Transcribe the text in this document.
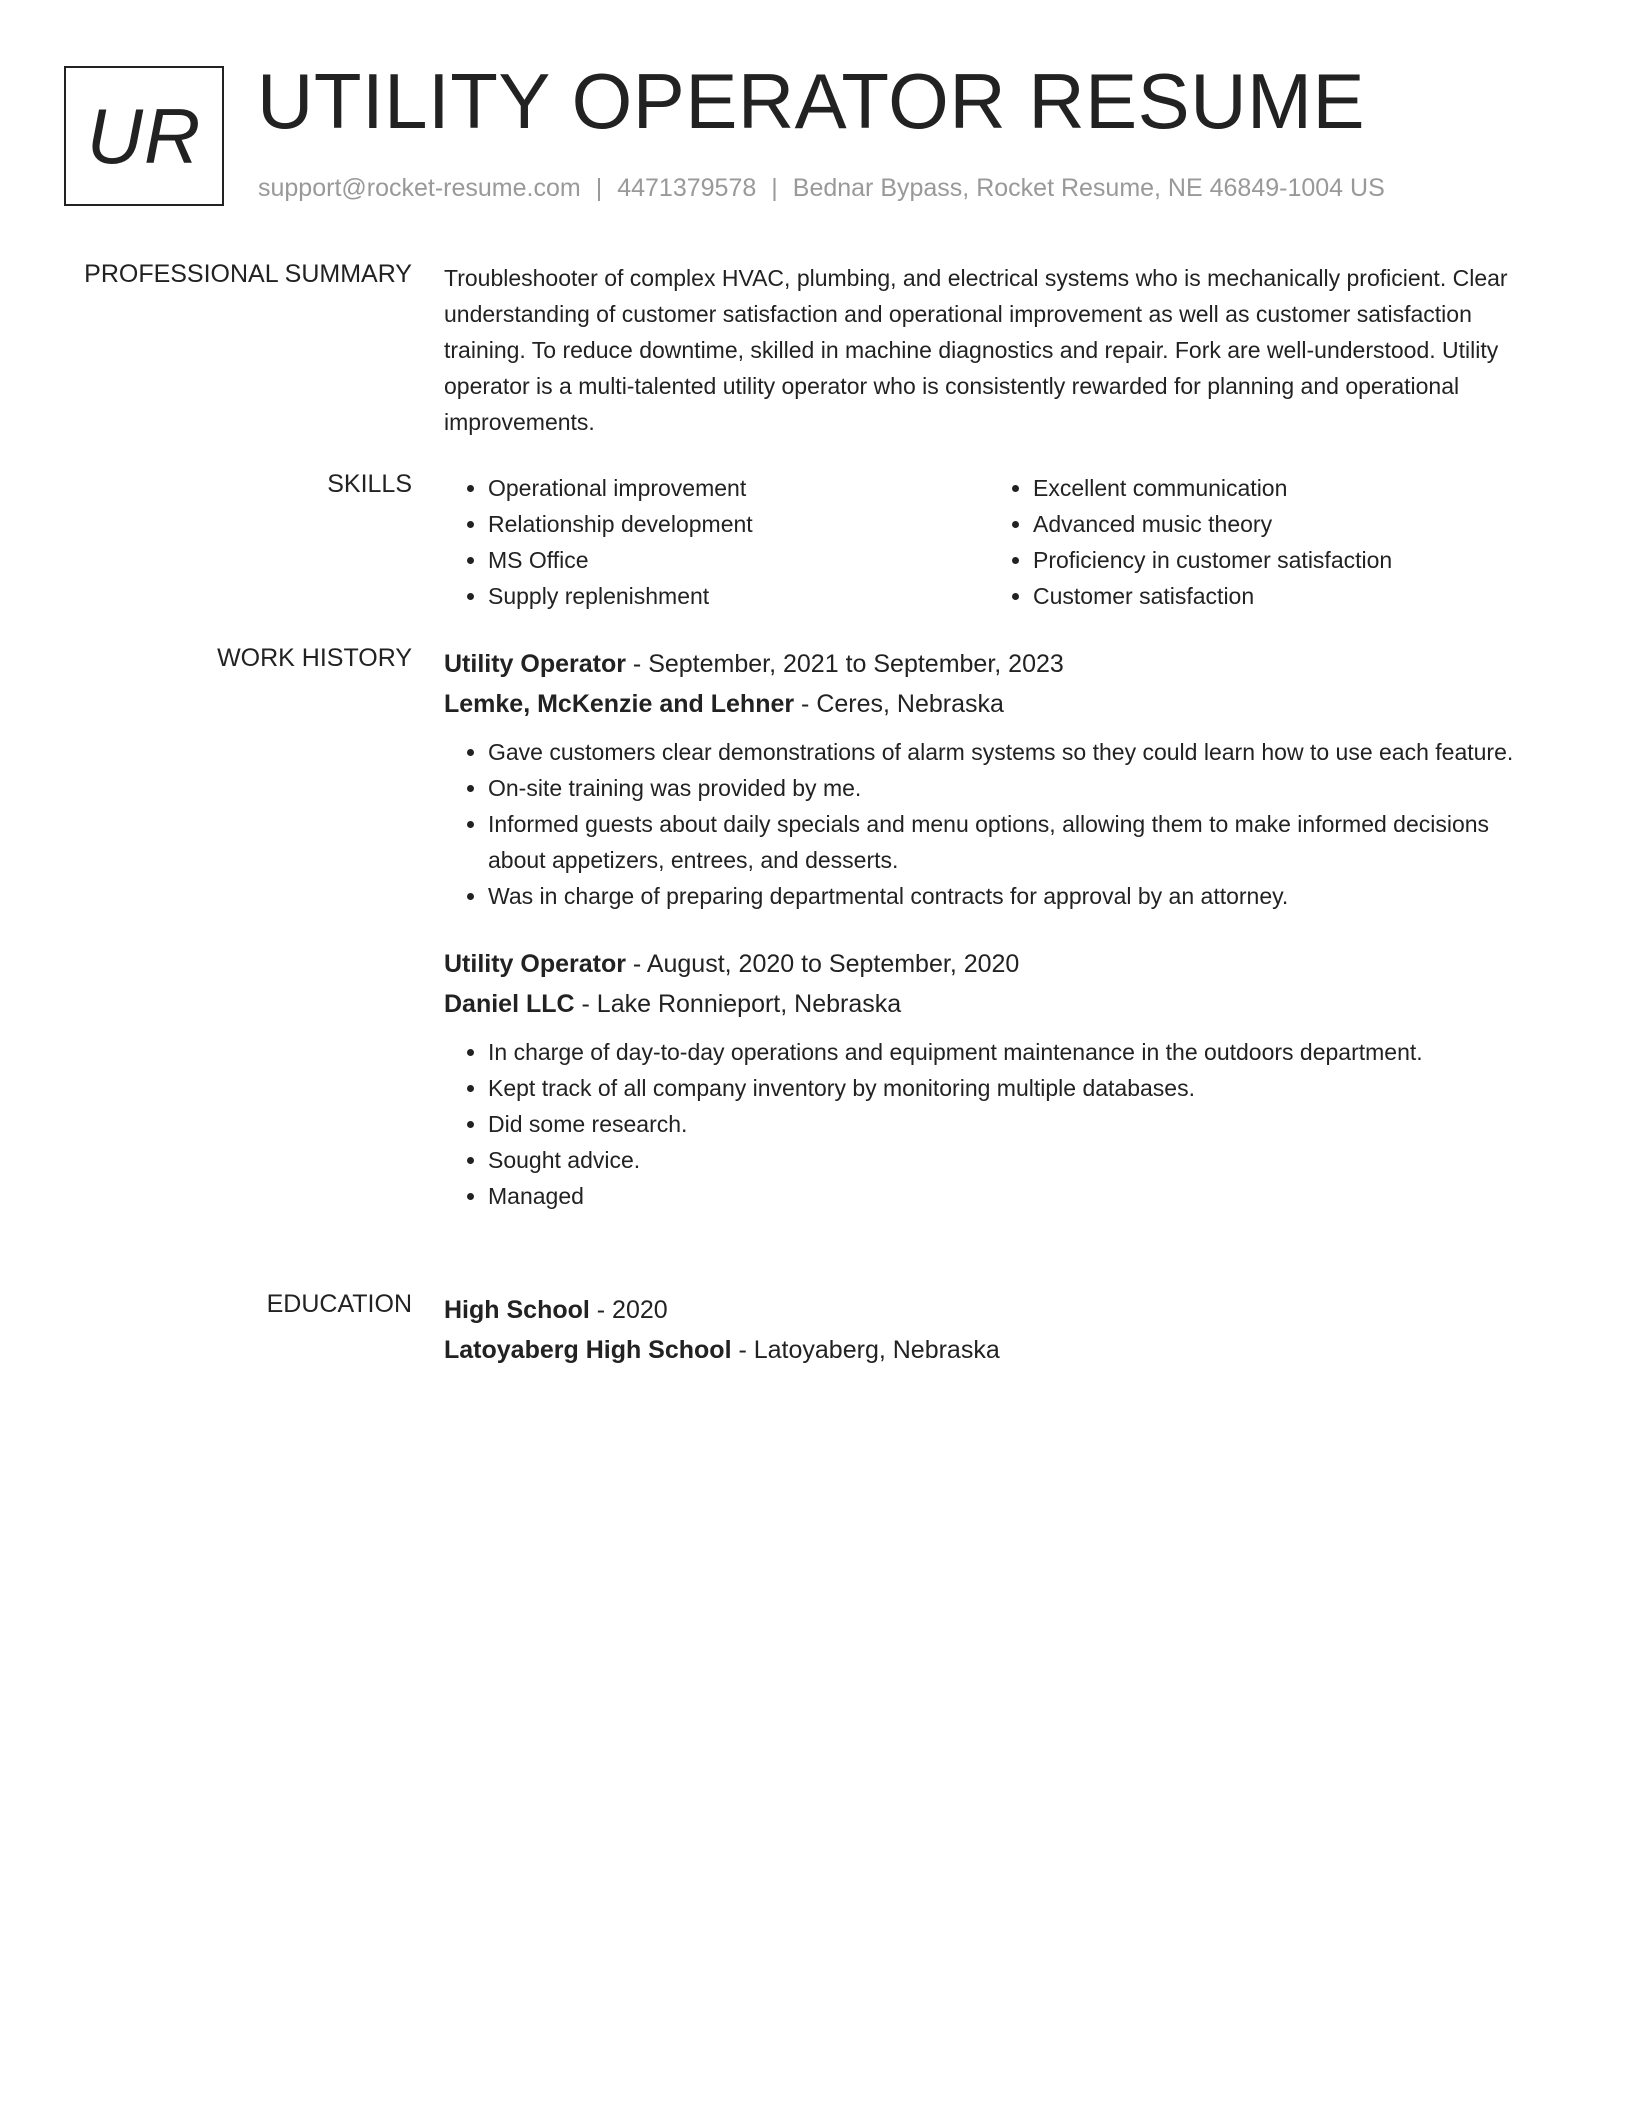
UR UTILITY OPERATOR RESUME
support@rocket-resume.com | 4471379578 | Bednar Bypass, Rocket Resume, NE 46849-1004 US
PROFESSIONAL SUMMARY Troubleshooter of complex HVAC, plumbing, and electrical systems who is mechanically proficient. Clear understanding of customer satisfaction and operational improvement as well as customer satisfaction training. To reduce downtime, skilled in machine diagnostics and repair. Fork are well-understood. Utility operator is a multi-talented utility operator who is consistently rewarded for planning and operational improvements.

SKILLS
•	Operational improvement
• Relationship development
• MS Office
• Supply replenishment
• Excellent communication
• Advanced music theory
• Proficiency in customer satisfaction
• Customer satisfaction
WORK HISTORY Utility Operator - September, 2021 to September, 2023
Lemke, McKenzie and Lehner - Ceres, Nebraska
• Gave customers clear demonstrations of alarm systems so they could learn how to use each feature.
• On-site training was provided by me.
• Informed guests about daily specials and menu options, allowing them to make informed decisions about appetizers, entrees, and desserts.
• Was in charge of preparing departmental contracts for approval by an attorney.
Utility Operator - August, 2020 to September, 2020
Daniel LLC - Lake Ronnieport, Nebraska
• In charge of day-to-day operations and equipment maintenance in the outdoors department.
• Kept track of all company inventory by monitoring multiple databases.
• Did some research.
• Sought advice.
• Managed
EDUCATION High School - 2020
Latoyaberg High School - Latoyaberg, Nebraska
